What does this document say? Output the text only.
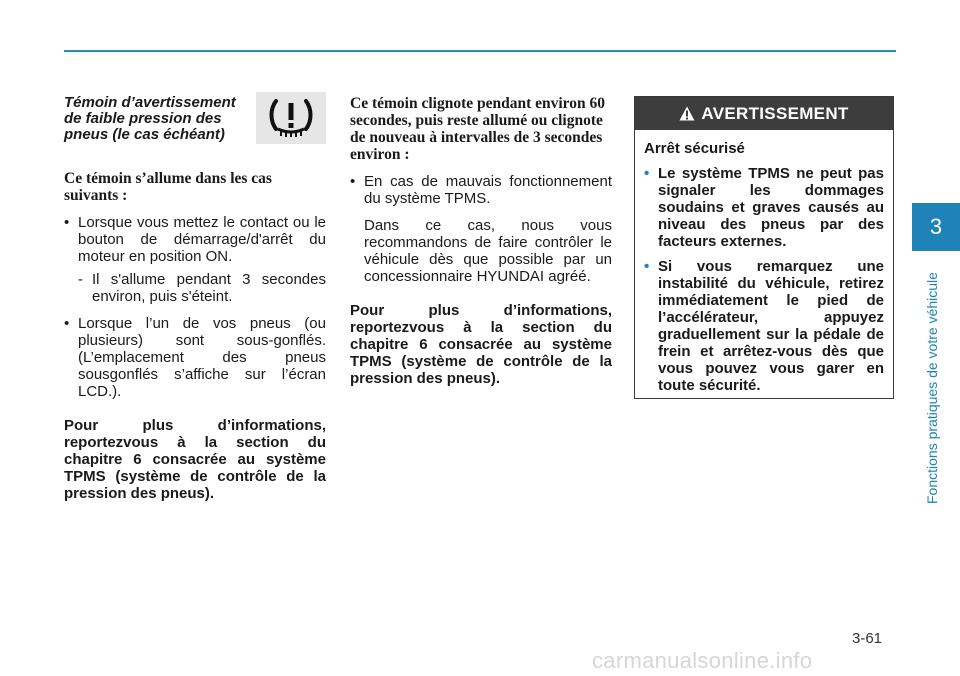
3
Fonctions pratiques de votre véhicule
Témoin d’avertissement de faible pression des pneus (le cas échéant)
Ce témoin s’allume dans les cas suivants :
• Lorsque vous mettez le contact ou le bouton de démarrage/d'arrêt du moteur en position ON.
- Il s'allume pendant 3 secondes environ, puis s'éteint.
• Lorsque l’un de vos pneus (ou plusieurs) sont sous-gonflés. (L’emplacement des pneus sousgonflés s’affiche sur l’écran LCD.).
Pour plus d’informations, reportezvous à la section du chapitre 6 consacrée au système TPMS (système de contrôle de la pression des pneus).
Ce témoin clignote pendant environ 60 secondes, puis reste allumé ou clignote de nouveau à intervalles de 3 secondes environ :
• En cas de mauvais fonctionnement du système TPMS.
Dans ce cas, nous vous recommandons de faire contrôler le véhicule dès que possible par un concessionnaire HYUNDAI agréé.
Pour plus d’informations, reportezvous à la section du chapitre 6 consacrée au système TPMS (système de contrôle de la pression des pneus).
AVERTISSEMENT
Arrêt sécurisé
• Le système TPMS ne peut pas signaler les dommages soudains et graves causés au niveau des pneus par des facteurs externes.
• Si vous remarquez une instabilité du véhicule, retirez immédiatement le pied de l’accélérateur, appuyez graduellement sur la pédale de frein et arrêtez-vous dès que vous pouvez vous garer en toute sécurité.
3-61
carmanualsonline.info
